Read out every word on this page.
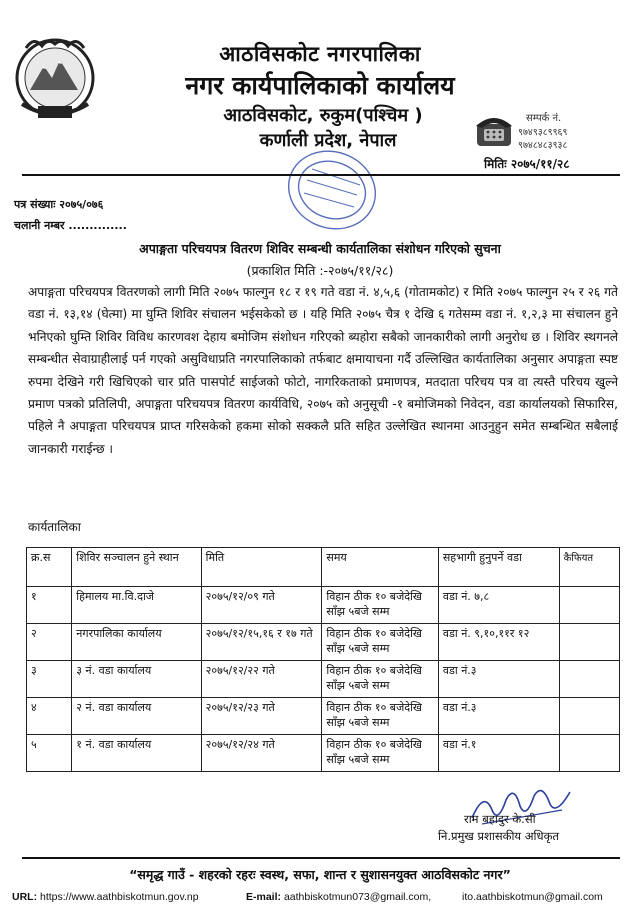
आठविसकोट नगरपालिका
नगर कार्यपालिकाको कार्यालय
आठविसकोट, रुकुम(पश्चिम )
कर्णाली प्रदेश, नेपाल
सम्पर्क नं.
९७४९३८९९६९
९७४८४८३९३८
मितिः २०७५/११/२८
पत्र संख्याः २०७५/०७६
चलानी नम्बर ..............
अपाङ्गता परिचयपत्र वितरण शिविर सम्बन्धी कार्यतालिका संशोधन गरिएको सुचना
(प्रकाशित मिति :-२०७५/११/२८)
अपाङ्गता परिचयपत्र वितरणको लागी मिति २०७५ फाल्गुन १८ र १९ गते वडा नं. ४,५,६ (गोतामकोट) र मिति २०७५ फाल्गुन २५ र २६ गते वडा नं. १३,१४ (घेत्मा) मा घुम्ति शिविर संचालन भईसकेको छ । यहि मिति २०७५ चैत्र १ देखि ६ गतेसम्म वडा नं. १,२,३ मा संचालन हुने भनिएको घुम्ति शिविर विविध कारणवश देहाय बमोजिम संशोधन गरिएको ब्यहोरा सबैको जानकारीको लागी अनुरोध छ । शिविर स्थगनले सम्बन्धीत सेवाग्राहीलाई पर्न गएको असुविधाप्रति नगरपालिकाको तर्फबाट क्षमायाचना गर्दै उल्लिखित कार्यतालिका अनुसार अपाङ्गता स्पष्ट रुपमा देखिने गरी खिचिएको चार प्रति पासपोर्ट साईजको फोटो, नागरिकताको प्रमाणपत्र, मतदाता परिचय पत्र वा त्यस्तै परिचय खुल्ने प्रमाण पत्रको प्रतिलिपी, अपाङ्गता परिचयपत्र वितरण कार्यविधि, २०७५ को अनुसूची -१ बमोजिमको निवेदन, वडा कार्यालयको सिफारिस, पहिले नै अपाङ्गता परिचयपत्र प्राप्त गरिसकेको हकमा सोको सक्कलै प्रति सहित उल्लेखित स्थानमा आउनुहुन समेत सम्बन्धित सबैलाई जानकारी गराईन्छ ।
कार्यतालिका
क्र.स	शिविर सञ्चालन हुने स्थान	मिति	समय	सहभागी हुनुपर्ने वडा	कैफियत
१	हिमालय मा.वि.दाजे	२०७५/१२/०९ गते	विहान ठीक १० बजेदेखि
साँझ ५बजे सम्म	वडा नं. ७,८	
२	नगरपालिका कार्यालय	२०७५/१२/१५,१६ र १७ गते	विहान ठीक १० बजेदेखि
साँझ ५बजे सम्म	वडा नं. ९,१०,११र १२	
३	३ नं. वडा कार्यालय	२०७५/१२/२२ गते	विहान ठीक १० बजेदेखि
साँझ ५बजे सम्म	वडा नं.३	
४	२ नं. वडा कार्यालय	२०७५/१२/२३ गते	विहान ठीक १० बजेदेखि
साँझ ५बजे सम्म	वडा नं.३	
५	१ नं. वडा कार्यालय	२०७५/१२/२४ गते	विहान ठीक १० बजेदेखि
साँझ ५बजे सम्म	वडा नं.१	
राम बहादुर के.सी
नि.प्रमुख प्रशासकीय अधिकृत
“समृद्ध गाउँ - शहरको रहरः स्वस्थ, सफा, शान्त र सुशासनयुक्त आठविसकोट नगर”
URL: https://www.aathbiskotmun.gov.np	E-mail: aathbiskotmun073@gmail.com,	ito.aathbiskotmun@gmail.com
